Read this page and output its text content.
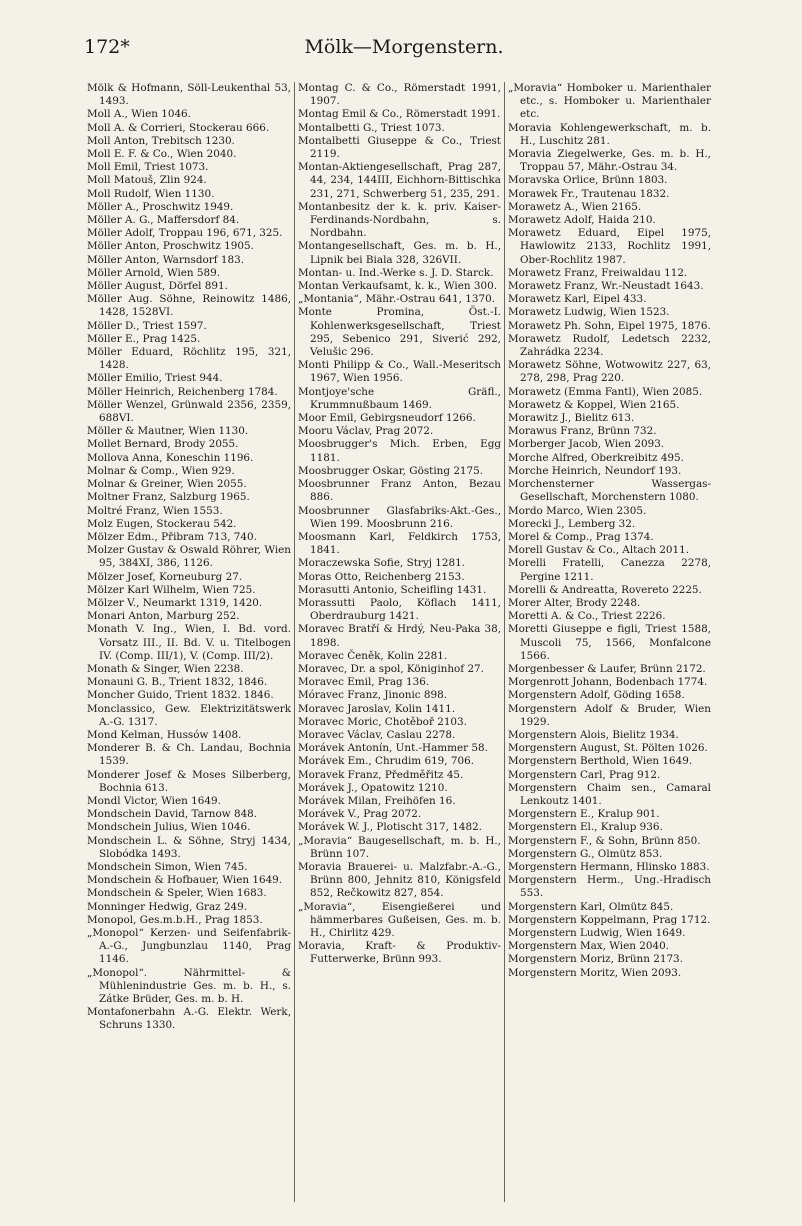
172*	Mölk—Morgenstern.
Mölk & Hofmann, Söll-Leukenthal 53, 1493.
Moll A., Wien 1046.
Moll A. & Corrieri, Stockerau 666.
Moll Anton, Trebitsch 1230.
Moll E. F. & Co., Wien 2040.
Moll Emil, Triest 1073.
Moll Matouš, Zlin 924.
Moll Rudolf, Wien 1130.
Möller A., Proschwitz 1949.
Möller A. G., Maffersdorf 84.
Möller Adolf, Troppau 196, 671, 325.
Möller Anton, Proschwitz 1905.
Möller Anton, Warnsdorf 183.
Möller Arnold, Wien 589.
Möller August, Dörfel 891.
Möller Aug. Söhne, Reinowitz 1486, 1428, 1528VI.
Möller D., Triest 1597.
Möller E., Prag 1425.
Möller Eduard, Röchlitz 195, 321, 1428.
Möller Emilio, Triest 944.
Möller Heinrich, Reichenberg 1784.
Möller Wenzel, Grünwald 2356, 2359, 688VI.
Möller & Mautner, Wien 1130.
Mollet Bernard, Brody 2055.
Mollova Anna, Koneschin 1196.
Molnar & Comp., Wien 929.
Molnar & Greiner, Wien 2055.
Moltner Franz, Salzburg 1965.
Moltré Franz, Wien 1553.
Molz Eugen, Stockerau 542.
Mölzer Edm., Přibram 713, 740.
Molzer Gustav & Oswald Röhrer, Wien 95, 384XI, 386, 1126.
Mölzer Josef, Korneuburg 27.
Mölzer Karl Wilhelm, Wien 725.
Mölzer V., Neumarkt 1319, 1420.
Monari Anton, Marburg 252.
Monath V. Ing., Wien, I. Bd. vord. Vorsatz III., II. Bd. V. u. Titelbogen IV. (Comp. III/1), V. (Comp. III/2).
Monath & Singer, Wien 2238.
Monauni G. B., Trient 1832, 1846.
Moncher Guido, Trient 1832. 1846.
Monclassico, Gew. Elektrizitätswerk A.-G. 1317.
Mond Kelman, Hussów 1408.
Monderer B. & Ch. Landau, Bochnia 1539.
Monderer Josef & Moses Silberberg, Bochnia 613.
Mondl Victor, Wien 1649.
Mondschein David, Tarnow 848.
Mondschein Julius, Wien 1046.
Mondschein L. & Söhne, Stryj 1434, Slobódka 1493.
Mondschein Simon, Wien 745.
Mondschein & Hofbauer, Wien 1649.
Mondschein & Speler, Wien 1683.
Monninger Hedwig, Graz 249.
Monopol, Ges.m.b.H., Prag 1853.
„Monopol“ Kerzen- und Seifenfabrik-A.-G., Jungbunzlau 1140, Prag 1146.
„Monopol“. Nährmittel- & Mühlenindustrie Ges. m. b. H., s. Zátke Brüder, Ges. m. b. H.
Montafonerbahn A.-G. Elektr. Werk, Schruns 1330.
Montag C. & Co., Römerstadt 1991, 1907.
Montag Emil & Co., Römerstadt 1991.
Montalbetti G., Triest 1073.
Montalbetti Giuseppe & Co., Triest 2119.
Montan-Aktiengesellschaft, Prag 287, 44, 234, 144III, Eichhorn-Bittischka 231, 271, Schwerberg 51, 235, 291.
Montanbesitz der k. k. priv. Kaiser-Ferdinands-Nordbahn, s. Nordbahn.
Montangesellschaft, Ges. m. b. H., Lipnik bei Biala 328, 326VII.
Montan- u. Ind.-Werke s. J. D. Starck.
Montan Verkaufsamt, k. k., Wien 300.
„Montania“, Mähr.-Ostrau 641, 1370.
Monte Promina, Öst.-I. Kohlenwerksgesellschaft, Triest 295, Sebenico 291, Siverić 292, Velušic 296.
Monti Philipp & Co., Wall.-Meseritsch 1967, Wien 1956.
Montjoye'sche Gräfl., Krummnußbaum 1469.
Moor Emil, Gebirgsneudorf 1266.
Mooru Václav, Prag 2072.
Moosbrugger's Mich. Erben, Egg 1181.
Moosbrugger Oskar, Gösting 2175.
Moosbrunner Franz Anton, Bezau 886.
Moosbrunner Glasfabriks-Akt.-Ges., Wien 199. Moosbrunn 216.
Moosmann Karl, Feldkirch 1753, 1841.
Moraczewska Sofie, Stryj 1281.
Moras Otto, Reichenberg 2153.
Morasutti Antonio, Scheifling 1431.
Morassutti Paolo, Köflach 1411, Oberdrauburg 1421.
Moravec Bratří & Hrdý, Neu-Paka 38, 1898.
Moravec Čeněk, Kolin 2281.
Moravec, Dr. a spol, Königinhof 27.
Moravec Emil, Prag 136.
Móravec Franz, Jinonic 898.
Moravec Jaroslav, Kolin 1411.
Moravec Moric, Chotěboř 2103.
Moravec Václav, Caslau 2278.
Morávek Antonín, Unt.-Hammer 58.
Morávek Em., Chrudim 619, 706.
Moravek Franz, Předměřitz 45.
Morávek J., Opatowitz 1210.
Morávek Milan, Freihöfen 16.
Morávek V., Prag 2072.
Morávek W. J., Plotischt 317, 1482.
„Moravia“ Baugesellschaft, m. b. H., Brünn 107.
Moravia Brauerei- u. Malzfabr.-A.-G., Brünn 800, Jehnitz 810, Königsfeld 852, Rečkowitz 827, 854.
„Moravia“, Eisengießerei und hämmerbares Gußeisen, Ges. m. b. H., Chirlitz 429.
Moravia, Kraft- & Produktiv-Futterwerke, Brünn 993.
„Moravia“ Homboker u. Marienthaler etc., s. Homboker u. Marienthaler etc.
Moravia Kohlengewerkschaft, m. b. H., Luschitz 281.
Moravia Ziegelwerke, Ges. m. b. H., Troppau 57, Mähr.-Ostrau 34.
Moravska Orlice, Brünn 1803.
Morawek Fr., Trautenau 1832.
Morawetz A., Wien 2165.
Morawetz Adolf, Haida 210.
Morawetz Eduard, Eipel 1975, Hawlowitz 2133, Rochlitz 1991, Ober-Rochlitz 1987.
Morawetz Franz, Freiwaldau 112.
Morawetz Franz, Wr.-Neustadt 1643.
Morawetz Karl, Eipel 433.
Morawetz Ludwig, Wien 1523.
Morawetz Ph. Sohn, Eipel 1975, 1876.
Morawetz Rudolf, Ledetsch 2232, Zahrádka 2234.
Morawetz Söhne, Wotwowitz 227, 63, 278, 298, Prag 220.
Morawetz (Emma Fantl), Wien 2085.
Morawetz & Koppel, Wien 2165.
Morawitz J., Bielitz 613.
Morawus Franz, Brünn 732.
Morberger Jacob, Wien 2093.
Morche Alfred, Oberkreibitz 495.
Morche Heinrich, Neundorf 193.
Morchensterner Wassergas-Gesellschaft, Morchenstern 1080.
Mordo Marco, Wien 2305.
Morecki J., Lemberg 32.
Morel & Comp., Prag 1374.
Morell Gustav & Co., Altach 2011.
Morelli Fratelli, Canezza 2278, Pergine 1211.
Morelli & Andreatta, Rovereto 2225.
Morer Alter, Brody 2248.
Moretti A. & Co., Triest 2226.
Moretti Giuseppe e figli, Triest 1588, Muscoli 75, 1566, Monfalcone 1566.
Morgenbesser & Laufer, Brünn 2172.
Morgenrott Johann, Bodenbach 1774.
Morgenstern Adolf, Göding 1658.
Morgenstern Adolf & Bruder, Wien 1929.
Morgenstern Alois, Bielitz 1934.
Morgenstern August, St. Pölten 1026.
Morgenstern Berthold, Wien 1649.
Morgenstern Carl, Prag 912.
Morgenstern Chaim sen., Camaral Lenkoutz 1401.
Morgenstern E., Kralup 901.
Morgenstern El., Kralup 936.
Morgenstern F., & Sohn, Brünn 850.
Morgenstern G., Olmütz 853.
Morgenstern Hermann, Hlinsko 1883.
Morgenstern Herm., Ung.-Hradisch 553.
Morgenstern Karl, Olmütz 845.
Morgenstern Koppelmann, Prag 1712.
Morgenstern Ludwig, Wien 1649.
Morgenstern Max, Wien 2040.
Morgenstern Moriz, Brünn 2173.
Morgenstern Moritz, Wien 2093.
